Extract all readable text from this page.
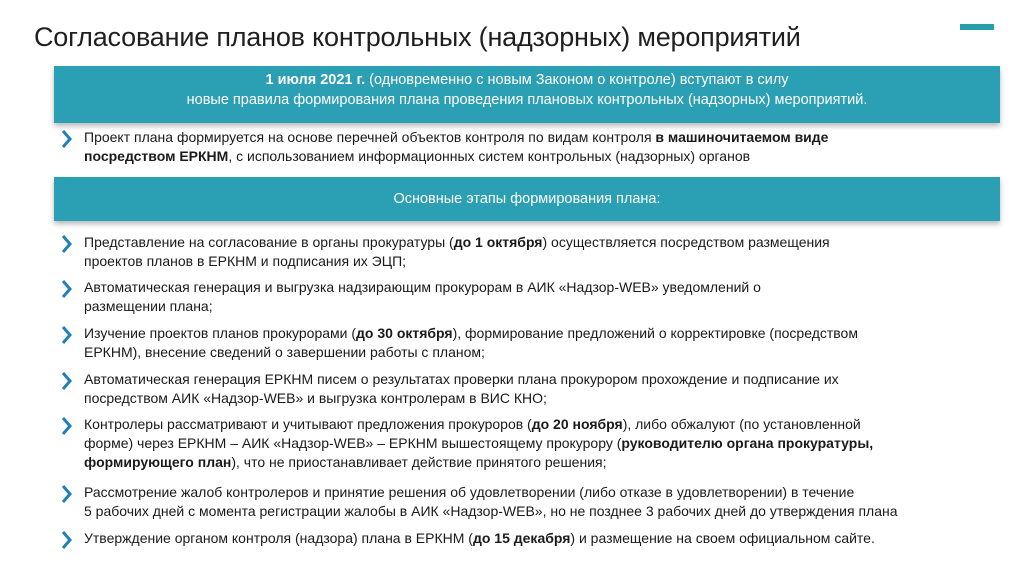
Согласование планов контрольных (надзорных) мероприятий
1 июля 2021 г. (одновременно с новым Законом о контроле) вступают в силу
новые правила формирования плана проведения плановых контрольных (надзорных) мероприятий.
Проект плана формируется на основе перечней объектов контроля по видам контроля в машиночитаемом виде
посредством ЕРКНМ, с использованием информационных систем контрольных (надзорных) органов
Основные этапы формирования плана:
Представление на согласование в органы прокуратуры (до 1 октября) осуществляется посредством размещения
проектов планов в ЕРКНМ и подписания их ЭЦП;
Автоматическая генерация и выгрузка надзирающим прокурорам в АИК «Надзор-WEB» уведомлений о
размещении плана;
Изучение проектов планов прокурорами (до 30 октября), формирование предложений о корректировке (посредством
ЕРКНМ), внесение сведений о завершении работы с планом;
Автоматическая генерация ЕРКНМ писем о результатах проверки плана прокурором прохождение и подписание их
посредством АИК «Надзор-WEB» и выгрузка контролерам в ВИС КНО;
Контролеры рассматривают и учитывают предложения прокуроров (до 20 ноября), либо обжалуют (по установленной
форме) через ЕРКНМ – АИК «Надзор-WEB» – ЕРКНМ вышестоящему прокурору (руководителю органа прокуратуры,
формирующего план), что не приостанавливает действие принятого решения;
Рассмотрение жалоб контролеров и принятие решения об удовлетворении (либо отказе в удовлетворении) в течение
5 рабочих дней с момента регистрации жалобы в АИК «Надзор-WEB», но не позднее 3 рабочих дней до утверждения плана
Утверждение органом контроля (надзора) плана в ЕРКНМ (до 15 декабря) и размещение на своем официальном сайте.
